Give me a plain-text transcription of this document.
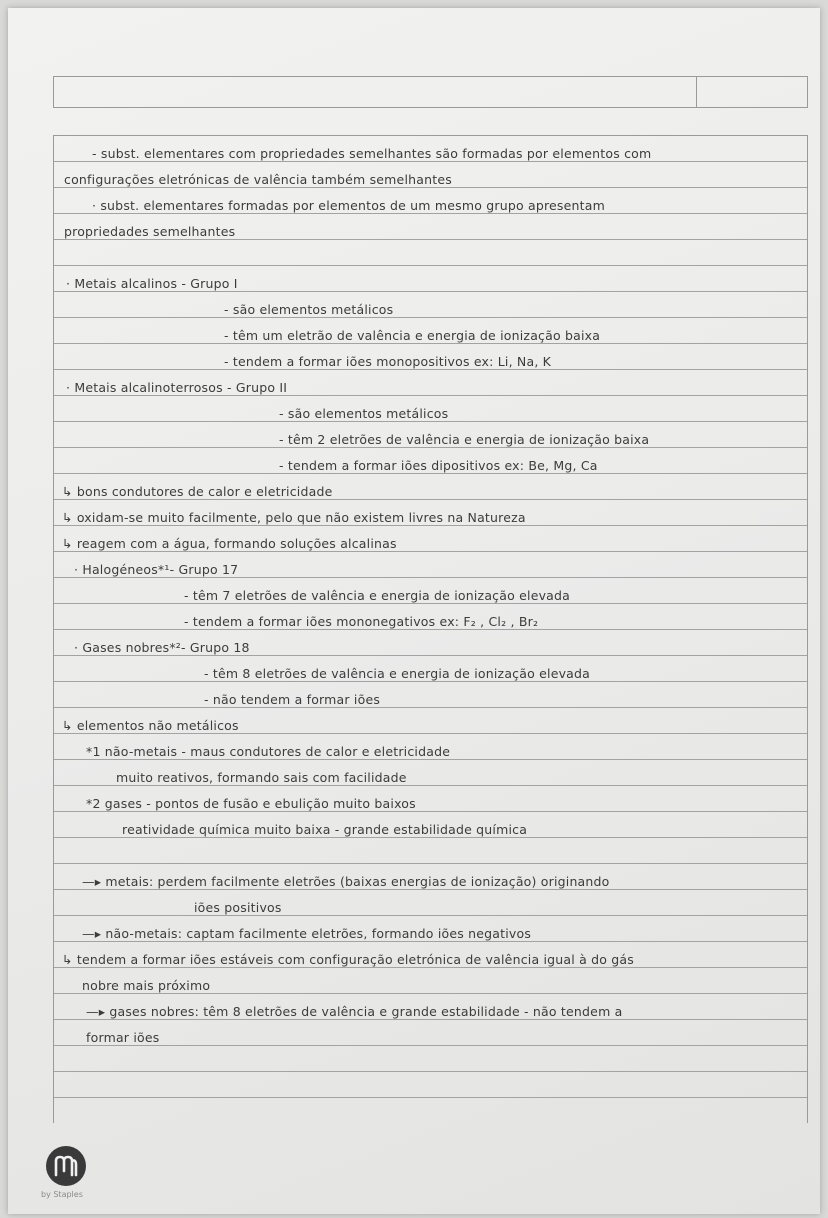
- subst. elementares com propriedades semelhantes são formadas por elementos com
configurações eletrónicas de valência também semelhantes
· subst. elementares formadas por elementos de um mesmo grupo apresentam
propriedades semelhantes
· Metais alcalinos - Grupo I
- são elementos metálicos
- têm um eletrão de valência e energia de ionização baixa
- tendem a formar iões monopositivos ex: Li, Na, K
· Metais alcalinoterrosos - Grupo II
- são elementos metálicos
- têm 2 eletrões de valência e energia de ionização baixa
- tendem a formar iões dipositivos ex: Be, Mg, Ca
↳ bons condutores de calor e eletricidade
↳ oxidam-se muito facilmente, pelo que não existem livres na Natureza
↳ reagem com a água, formando soluções alcalinas
· Halogéneos*¹- Grupo 17
- têm 7 eletrões de valência e energia de ionização elevada
- tendem a formar iões mononegativos ex: F₂ , Cl₂ , Br₂
· Gases nobres*²- Grupo 18
- têm 8 eletrões de valência e energia de ionização elevada
- não tendem a formar iões
↳ elementos não metálicos
*1 não-metais - maus condutores de calor e eletricidade
muito reativos, formando sais com facilidade
*2 gases - pontos de fusão e ebulição muito baixos
reatividade química muito baixa - grande estabilidade química
—▸ metais: perdem facilmente eletrões (baixas energias de ionização) originando
iões positivos
—▸ não-metais: captam facilmente eletrões, formando iões negativos
↳ tendem a formar iões estáveis com configuração eletrónica de valência igual à do gás
nobre mais próximo
—▸ gases nobres: têm 8 eletrões de valência e grande estabilidade - não tendem a
formar iões
by Staples
